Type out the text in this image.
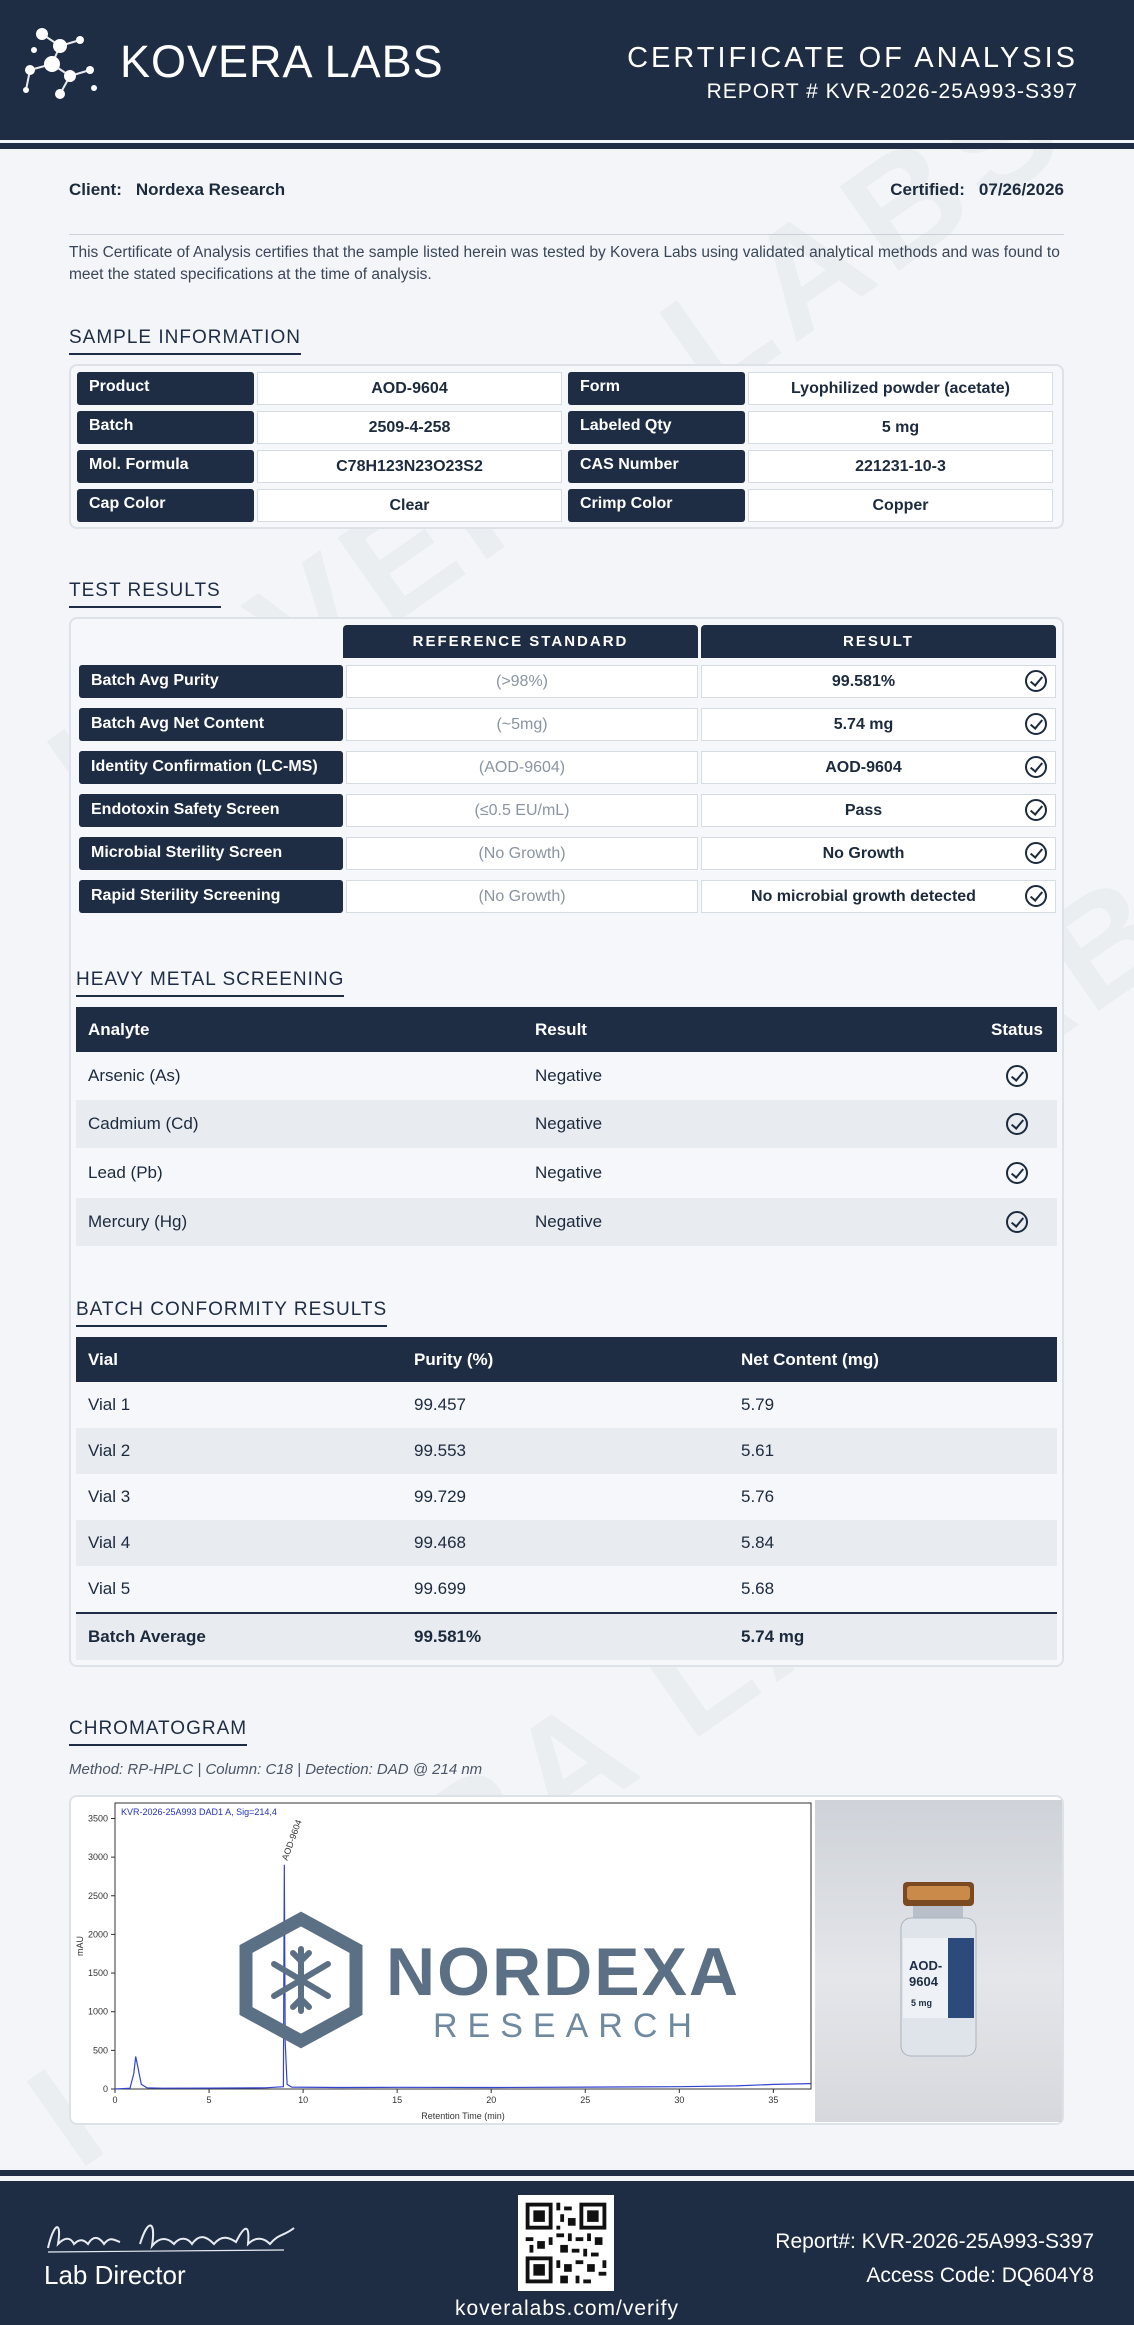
KOVERA LABS	CERTIFICATE OF ANALYSIS
REPORT # KVR-2026-25A993-S397
Client: Nordexa Research	Certified: 07/26/2026
This Certificate of Analysis certifies that the sample listed herein was tested by Kovera Labs using validated analytical methods and was found to meet the stated specifications at the time of analysis.
SAMPLE INFORMATION
Product	AOD-9604
Batch	2509-4-258
Mol. Formula	C78H123N23O23S2
Cap Color	Clear
Form	Lyophilized powder (acetate)
Labeled Qty	5 mg
CAS Number	221231-10-3
Crimp Color	Copper
TEST RESULTS
REFERENCE STANDARD	RESULT
Batch Avg Purity	(>98%)	99.581%
Batch Avg Net Content	(~5mg)	5.74 mg
Identity Confirmation (LC-MS)	(AOD-9604)	AOD-9604
Endotoxin Safety Screen	(≤0.5 EU/mL)	Pass
Microbial Sterility Screen	(No Growth)	No Growth
Rapid Sterility Screening	(No Growth)	No microbial growth detected
HEAVY METAL SCREENING
Analyte	Result	Status
Arsenic (As)	Negative
Cadmium (Cd)	Negative
Lead (Pb)	Negative
Mercury (Hg)	Negative
BATCH CONFORMITY RESULTS
Vial	Purity (%)	Net Content (mg)
Vial 1	99.457	5.79
Vial 2	99.553	5.61
Vial 3	99.729	5.76
Vial 4	99.468	5.84
Vial 5	99.699	5.68
Batch Average	99.581%	5.74 mg
CHROMATOGRAM
Method: RP-HPLC | Column: C18 | Detection: DAD @ 214 nm
KVR-2026-25A993 DAD1 A, Sig=214,4
0	5	10	15	20	25	30	35
0
500
1000
1500
2000
2500
3000
3500
Retention Time (min)
mAU
AOD-9604
NORDEXA
RESEARCH
AOD-
9604
5 mg
Lab Director
koveralabs.com/verify
Report#: KVR-2026-25A993-S397
Access Code: DQ604Y8
